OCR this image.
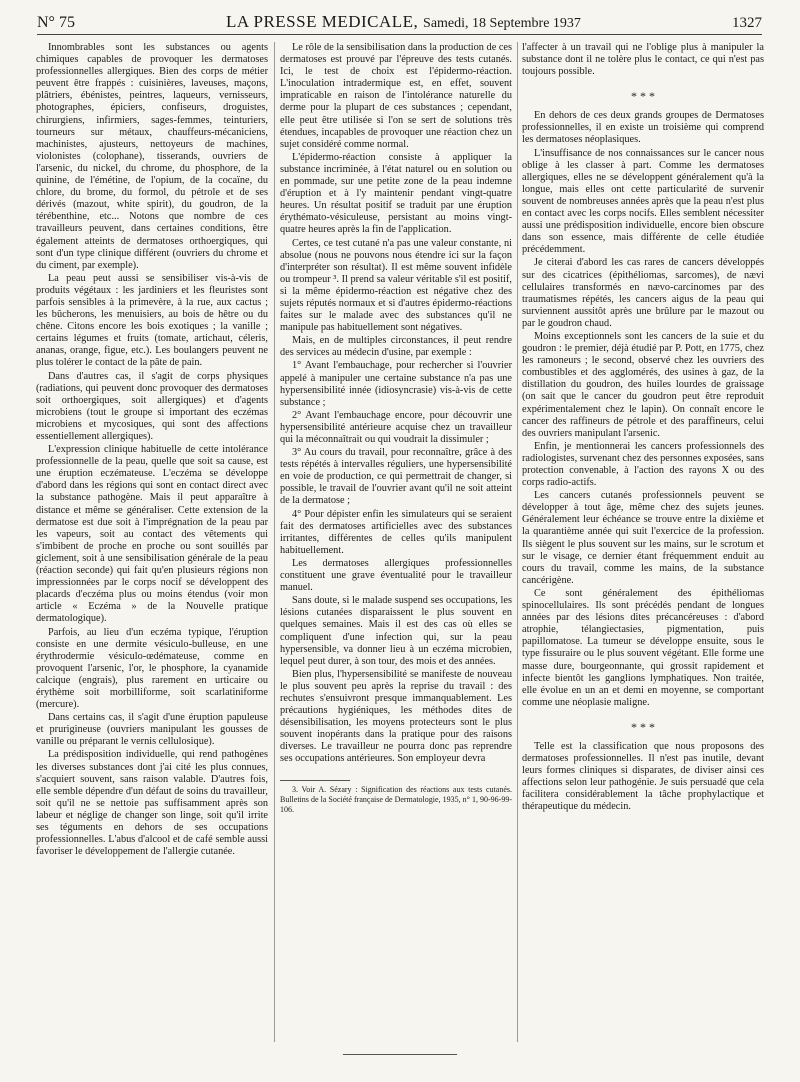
N° 75	LA PRESSE MEDICALE, Samedi, 18 Septembre 1937	1327

Innombrables sont les substances ou agents chimiques capables de provoquer les dermatoses professionnelles allergiques. Bien des corps de métier peuvent être frappés : cuisinières, laveuses, maçons, plâtriers, ébénistes, peintres, laqueurs, vernisseurs, photographes, épiciers, confiseurs, droguistes, chirurgiens, infirmiers, sages-femmes, teinturiers, tourneurs sur métaux, chauffeurs-mécaniciens, machinistes, ajusteurs, nettoyeurs de machines, violonistes (colophane), tisserands, ouvriers de l'arsenic, du nickel, du chrome, du phosphore, de la quinine, de l'émétine, de l'opium, de la cocaïne, du chlore, du brome, du formol, du pétrole et de ses dérivés (mazout, white spirit), du goudron, de la térébenthine, etc... Notons que nombre de ces travailleurs peuvent, dans certaines conditions, être également atteints de dermatoses orthoergiques, qui sont d'un type clinique différent (ouvriers du chrome et du ciment, par exemple).

La peau peut aussi se sensibiliser vis-à-vis de produits végétaux : les jardiniers et les fleuristes sont parfois sensibles à la primevère, à la rue, aux cactus ; les bûcherons, les menuisiers, au bois de hêtre ou du chêne. Citons encore les bois exotiques ; la vanille ; certains légumes et fruits (tomate, artichaut, céleris, ananas, orange, figue, etc.). Les boulangers peuvent ne plus tolérer le contact de la pâte de pain.

Dans d'autres cas, il s'agit de corps physiques (radiations, qui peuvent donc provoquer des dermatoses soit orthoergiques, soit allergiques) et d'agents microbiens (tout le groupe si important des eczémas microbiens et mycosiques, qui sont des affections essentiellement allergiques).

L'expression clinique habituelle de cette intolérance professionnelle de la peau, quelle que soit sa cause, est une éruption eczémateuse. L'eczéma se développe d'abord dans les régions qui sont en contact direct avec la substance pathogène. Mais il peut apparaître à distance et même se généraliser. Cette extension de la dermatose est due soit à l'imprégnation de la peau par les vapeurs, soit au contact des vêtements qui s'imbibent de proche en proche ou sont souillés par giclement, soit à une sensibilisation générale de la peau (réaction seconde) qui fait qu'en plusieurs régions non impressionnées par le corps nocif se développent des placards d'eczéma plus ou moins étendus (voir mon article « Eczéma » de la Nouvelle pratique dermatologique).

Parfois, au lieu d'un eczéma typique, l'éruption consiste en une dermite vésiculo-bulleuse, en une érythrodermie vésiculo-œdémateuse, comme en provoquent l'arsenic, l'or, le phosphore, la cyanamide calcique (engrais), plus rarement en urticaire ou érythème soit morbilliforme, soit scarlatiniforme (mercure).

Dans certains cas, il s'agit d'une éruption papuleuse et prurigineuse (ouvriers manipulant les gousses de vanille ou préparant le vernis cellulosique).

La prédisposition individuelle, qui rend pathogènes les diverses substances dont j'ai cité les plus connues, s'acquiert souvent, sans raison valable. D'autres fois, elle semble dépendre d'un défaut de soins du travailleur, soit qu'il ne se nettoie pas suffisamment après son labeur et néglige de changer son linge, soit qu'il irrite ses téguments en dehors de ses occupations professionnelles. L'abus d'alcool et de café semble aussi favoriser le développement de l'allergie cutanée.

Le rôle de la sensibilisation dans la production de ces dermatoses est prouvé par l'épreuve des tests cutanés. Ici, le test de choix est l'épidermo-réaction. L'inoculation intradermique est, en effet, souvent impraticable en raison de l'intolérance naturelle du derme pour la plupart de ces substances ; cependant, elle peut être utilisée si l'on se sert de solutions très étendues, incapables de provoquer une réaction chez un sujet considéré comme normal.

L'épidermo-réaction consiste à appliquer la substance incriminée, à l'état naturel ou en solution ou en pommade, sur une petite zone de la peau indemne d'éruption et à l'y maintenir pendant vingt-quatre heures. Un résultat positif se traduit par une éruption érythémato-vésiculeuse, persistant au moins vingt-quatre heures après la fin de l'application.

Certes, ce test cutané n'a pas une valeur constante, ni absolue (nous ne pouvons nous étendre ici sur la façon d'interpréter son résultat). Il est même souvent infidèle ou trompeur ³. Il prend sa valeur véritable s'il est positif, si la même épidermo-réaction est négative chez des sujets réputés normaux et si d'autres épidermo-réactions faites sur le malade avec des substances qu'il ne manipule pas habituellement sont négatives.

Mais, en de multiples circonstances, il peut rendre des services au médecin d'usine, par exemple :

1° Avant l'embauchage, pour rechercher si l'ouvrier appelé à manipuler une certaine substance n'a pas une hypersensibilité innée (idiosyncrasie) vis-à-vis de cette substance ;

2° Avant l'embauchage encore, pour découvrir une hypersensibilité antérieure acquise chez un travailleur qui la méconnaîtrait ou qui voudrait la dissimuler ;

3° Au cours du travail, pour reconnaître, grâce à des tests répétés à intervalles réguliers, une hypersensibilité en voie de production, ce qui permettrait de changer, si possible, le travail de l'ouvrier avant qu'il ne soit atteint de la dermatose ;

4° Pour dépister enfin les simulateurs qui se seraient fait des dermatoses artificielles avec des substances irritantes, différentes de celles qu'ils manipulent habituellement.

Les dermatoses allergiques professionnelles constituent une grave éventualité pour le travailleur manuel.

Sans doute, si le malade suspend ses occupations, les lésions cutanées disparaissent le plus souvent en quelques semaines. Mais il est des cas où elles se compliquent d'une infection qui, sur la peau hypersensible, va donner lieu à un eczéma microbien, lequel peut durer, à son tour, des mois et des années.

Bien plus, l'hypersensibilité se manifeste de nouveau le plus souvent peu après la reprise du travail : des rechutes s'ensuivront presque immanquablement. Les précautions hygiéniques, les méthodes dites de désensibilisation, les moyens protecteurs sont le plus souvent inopérants dans la pratique pour des raisons diverses. Le travailleur ne pourra donc pas reprendre ses occupations antérieures. Son employeur devra

3. Voir A. Sézary : Signification des réactions aux tests cutanés. Bulletins de la Société française de Dermatologie, 1935, n° 1, 90-96-99-106.

l'affecter à un travail qui ne l'oblige plus à manipuler la substance dont il ne tolère plus le contact, ce qui n'est pas toujours possible.

* * *

En dehors de ces deux grands groupes de Dermatoses professionnelles, il en existe un troisième qui comprend les dermatoses néoplasiques.

L'insuffisance de nos connaissances sur le cancer nous oblige à les classer à part. Comme les dermatoses allergiques, elles ne se développent généralement qu'à la longue, mais elles ont cette particularité de survenir souvent de nombreuses années après que la peau n'est plus en contact avec les corps nocifs. Elles semblent nécessiter aussi une prédisposition individuelle, encore bien obscure dans son essence, mais différente de celle étudiée précédemment.

Je citerai d'abord les cas rares de cancers développés sur des cicatrices (épithéliomas, sarcomes), de nævi cellulaires transformés en nævo-carcinomes par des traumatismes répétés, les cancers aigus de la peau qui surviennent aussitôt après une brûlure par le mazout ou par le goudron chaud.

Moins exceptionnels sont les cancers de la suie et du goudron : le premier, déjà étudié par P. Pott, en 1775, chez les ramoneurs ; le second, observé chez les ouvriers des combustibles et des agglomérés, des usines à gaz, de la distillation du goudron, des huiles lourdes de graissage (on sait que le cancer du goudron peut être reproduit expérimentalement chez le lapin). On connaît encore le cancer des raffineurs de pétrole et des paraffineurs, celui des ouvriers manipulant l'arsenic.

Enfin, je mentionnerai les cancers professionnels des radiologistes, survenant chez des personnes exposées, sans protection convenable, à l'action des rayons X ou des corps radio-actifs.

Les cancers cutanés professionnels peuvent se développer à tout âge, même chez des sujets jeunes. Généralement leur échéance se trouve entre la dixième et la quarantième année qui suit l'exercice de la profession. Ils siègent le plus souvent sur les mains, sur le scrotum et sur le visage, ce dernier étant fréquemment enduit au cours du travail, comme les mains, de la substance cancérigène.

Ce sont généralement des épithéliomas spinocellulaires. Ils sont précédés pendant de longues années par des lésions dites précancéreuses : d'abord atrophie, télangiectasies, pigmentation, puis papillomatose. La tumeur se développe ensuite, sous le type fissuraire ou le plus souvent végétant. Elle forme une masse dure, bourgeonnante, qui grossit rapidement et infecte bientôt les ganglions lymphatiques. Non traitée, elle évolue en un an et demi en moyenne, se comportant comme une néoplasie maligne.

* * *

Telle est la classification que nous proposons des dermatoses professionnelles. Il n'est pas inutile, devant leurs formes cliniques si disparates, de diviser ainsi ces affections selon leur pathogénie. Je suis persuadé que cela facilitera considérablement la tâche prophylactique et thérapeutique du médecin.
